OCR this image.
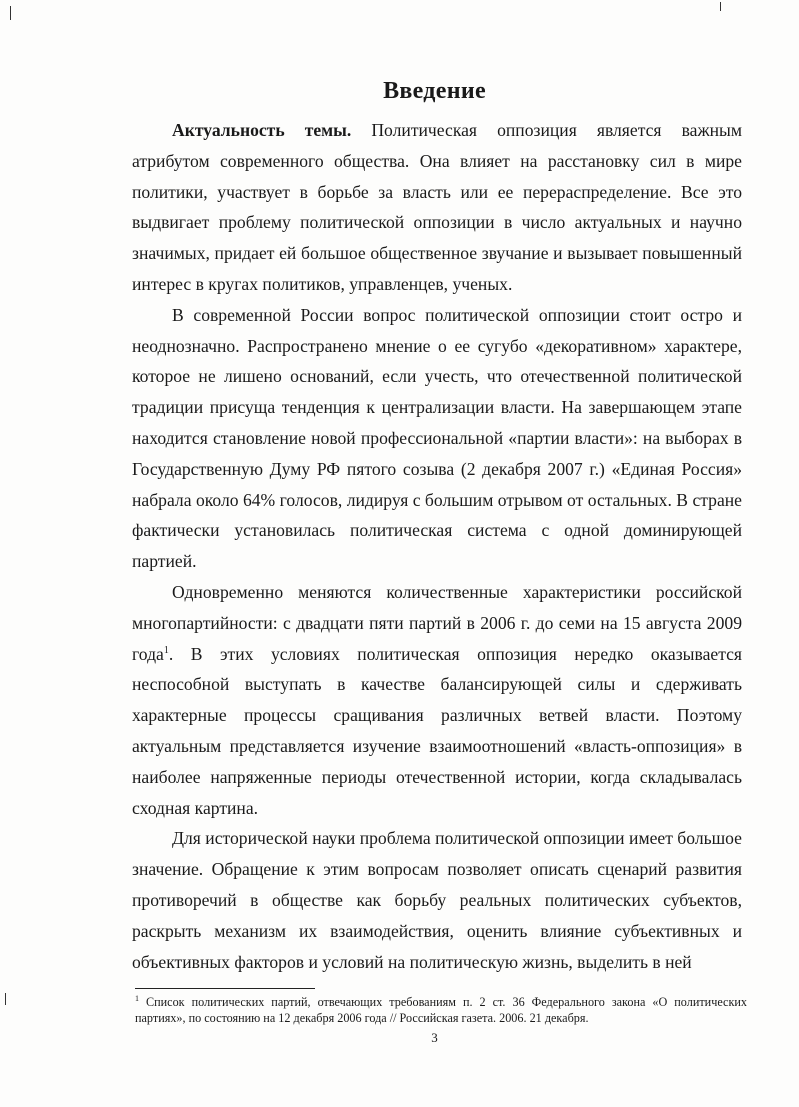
Введение

Актуальность темы. Политическая оппозиция является важным атрибутом современного общества. Она влияет на расстановку сил в мире политики, участвует в борьбе за власть или ее перераспределение. Все это выдвигает проблему политической оппозиции в число актуальных и научно значимых, придает ей большое общественное звучание и вызывает повышенный интерес в кругах политиков, управленцев, ученых.

В современной России вопрос политической оппозиции стоит остро и неоднозначно. Распространено мнение о ее сугубо «декоративном» характере, которое не лишено оснований, если учесть, что отечественной политической традиции присуща тенденция к централизации власти. На завершающем этапе находится становление новой профессиональной «партии власти»: на выборах в Государственную Думу РФ пятого созыва (2 декабря 2007 г.) «Единая Россия» набрала около 64% голосов, лидируя с большим отрывом от остальных. В стране фактически установилась политическая система с одной доминирующей партией.

Одновременно меняются количественные характеристики российской многопартийности: с двадцати пяти партий в 2006 г. до семи на 15 августа 2009 года$^1$. В этих условиях политическая оппозиция нередко оказывается неспособной выступать в качестве балансирующей силы и сдерживать характерные процессы сращивания различных ветвей власти. Поэтому актуальным представляется изучение взаимоотношений «власть-оппозиция» в наиболее напряженные периоды отечественной истории, когда складывалась сходная картина.

Для исторической науки проблема политической оппозиции имеет большое значение. Обращение к этим вопросам позволяет описать сценарий развития противоречий в обществе как борьбу реальных политических субъектов, раскрыть механизм их взаимодействия, оценить влияние субъективных и объективных факторов и условий на политическую жизнь, выделить в ней

$^1$ Список политических партий, отвечающих требованиям п. 2 ст. 36 Федерального закона «О политических партиях», по состоянию на 12 декабря 2006 года // Российская газета. 2006. 21 декабря.
3
